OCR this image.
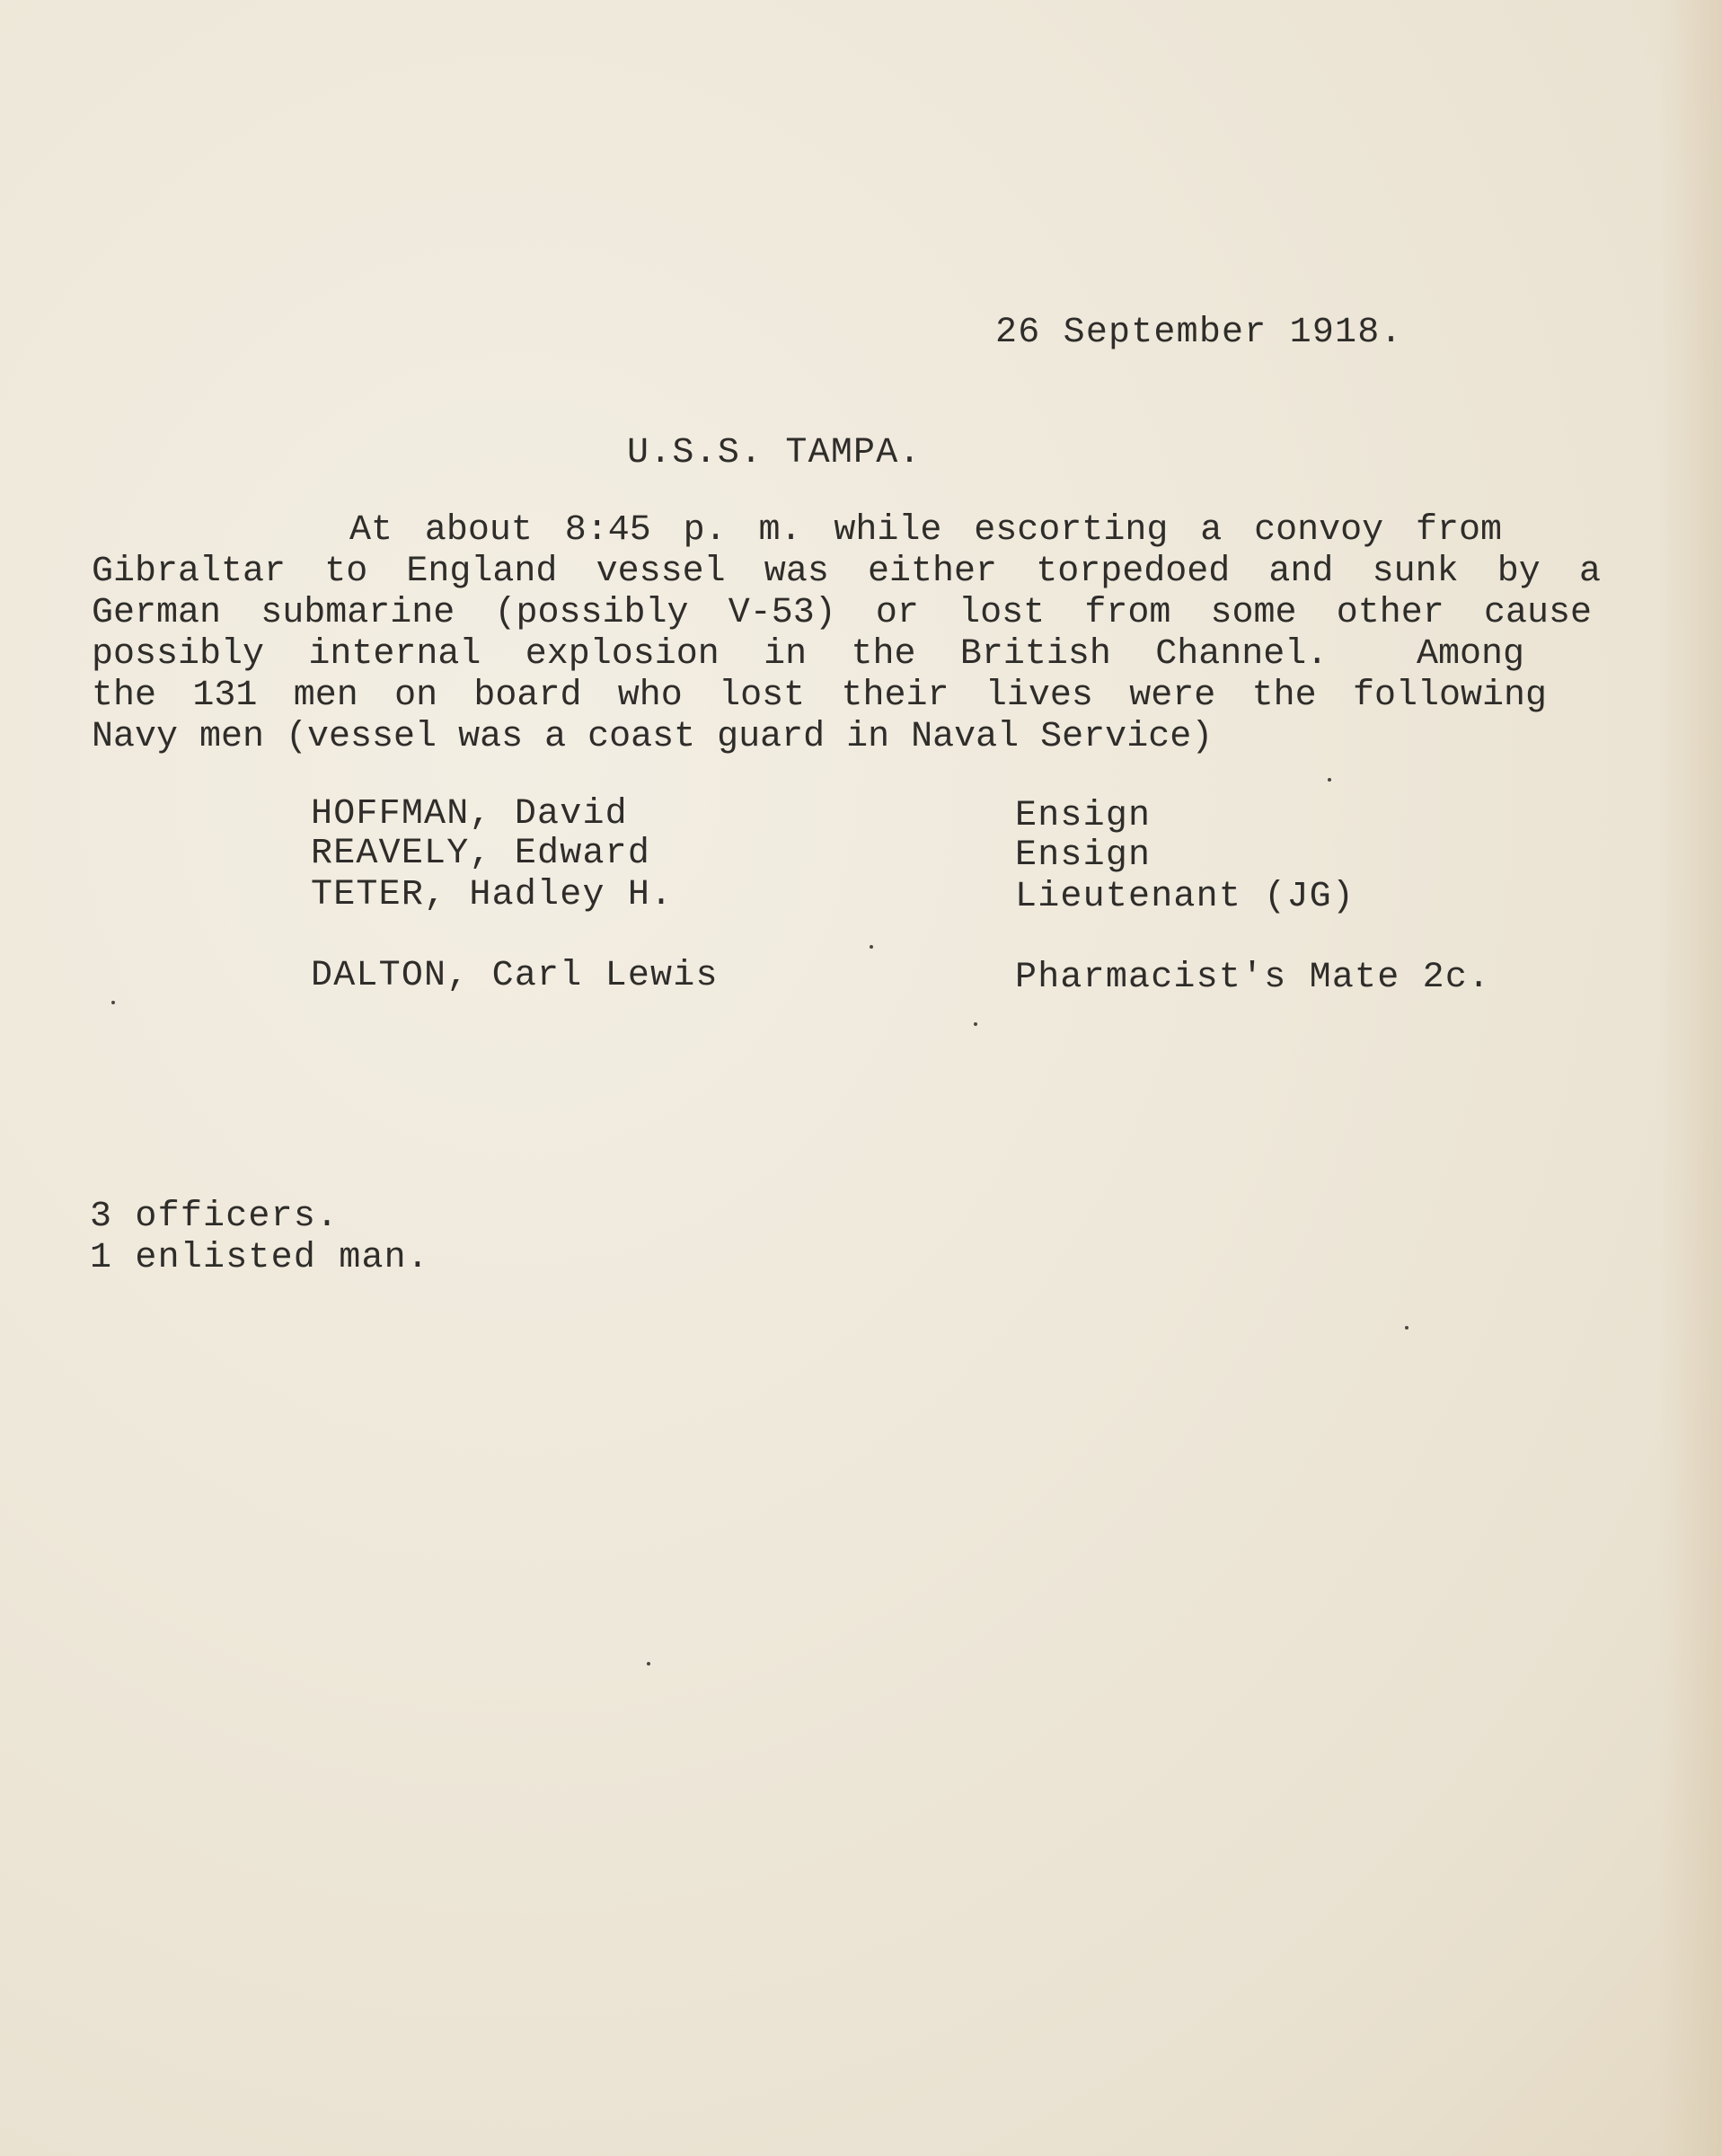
26 September 1918.
U.S.S. TAMPA.
At about 8:45 p. m. while escorting a convoy from
Gibraltar to England vessel was either torpedoed and sunk by a
German submarine (possibly V-53) or lost from some other cause
possibly internal explosion in the British Channel.  Among
the 131 men on board who lost their lives were the following
Navy men (vessel was a coast guard in Naval Service)
HOFFMAN, David	Ensign
REAVELY, Edward	Ensign
TETER, Hadley H.	Lieutenant (JG)
DALTON, Carl Lewis	Pharmacist's Mate 2c.
3 officers.
1 enlisted man.
